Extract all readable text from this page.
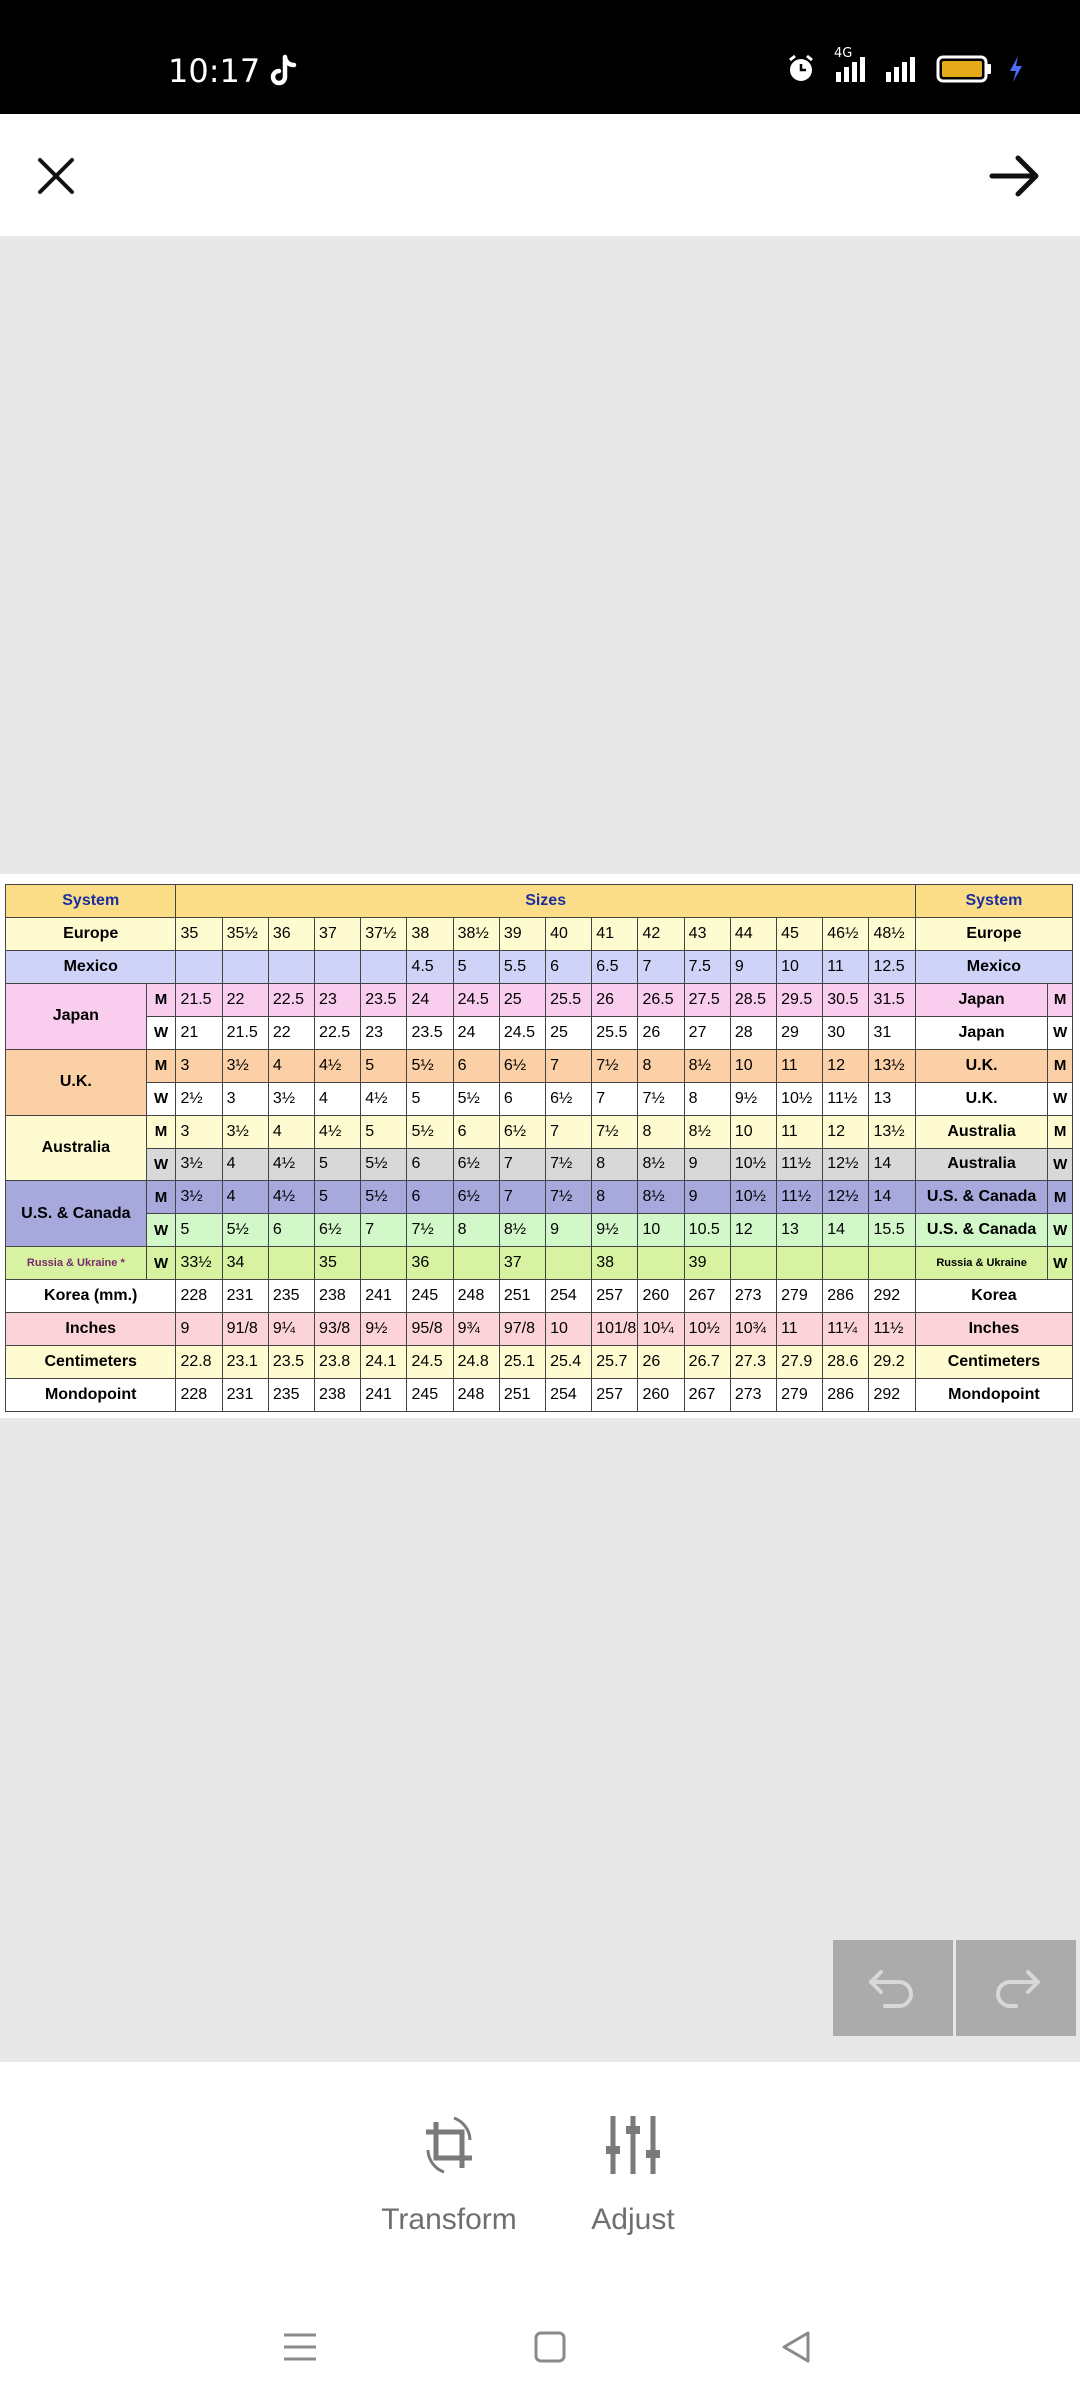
10:17	4G
System		Sizes																System	
Europe		35	35½	36	37	37½	38	38½	39	40	41	42	43	44	45	46½	48½	Europe	
Mexico							4.5	5	5.5	6	6.5	7	7.5	9	10	11	12.5	Mexico	
Japan	M	21.5	22	22.5	23	23.5	24	24.5	25	25.5	26	26.5	27.5	28.5	29.5	30.5	31.5	Japan	M
	W	21	21.5	22	22.5	23	23.5	24	24.5	25	25.5	26	27	28	29	30	31	Japan	W
U.K.	M	3	3½	4	4½	5	5½	6	6½	7	7½	8	8½	10	11	12	13½	U.K.	M
	W	2½	3	3½	4	4½	5	5½	6	6½	7	7½	8	9½	10½	11½	13	U.K.	W
Australia	M	3	3½	4	4½	5	5½	6	6½	7	7½	8	8½	10	11	12	13½	Australia	M
	W	3½	4	4½	5	5½	6	6½	7	7½	8	8½	9	10½	11½	12½	14	Australia	W
U.S. & Canada	M	3½	4	4½	5	5½	6	6½	7	7½	8	8½	9	10½	11½	12½	14	U.S. & Canada	M
	W	5	5½	6	6½	7	7½	8	8½	9	9½	10	10.5	12	13	14	15.5	U.S. & Canada	W
Russia & Ukraine *	W	33½	34		35		36		37		38		39					Russia & Ukraine	W
Korea (mm.)		228	231	235	238	241	245	248	251	254	257	260	267	273	279	286	292	Korea	
Inches		9	91/8	9¼	93/8	9½	95/8	9¾	97/8	10	101/8	10¼	10½	10¾	11	11¼	11½	Inches	
Centimeters		22.8	23.1	23.5	23.8	24.1	24.5	24.8	25.1	25.4	25.7	26	26.7	27.3	27.9	28.6	29.2	Centimeters	
Mondopoint		228	231	235	238	241	245	248	251	254	257	260	267	273	279	286	292	Mondopoint	
Transform	Adjust
